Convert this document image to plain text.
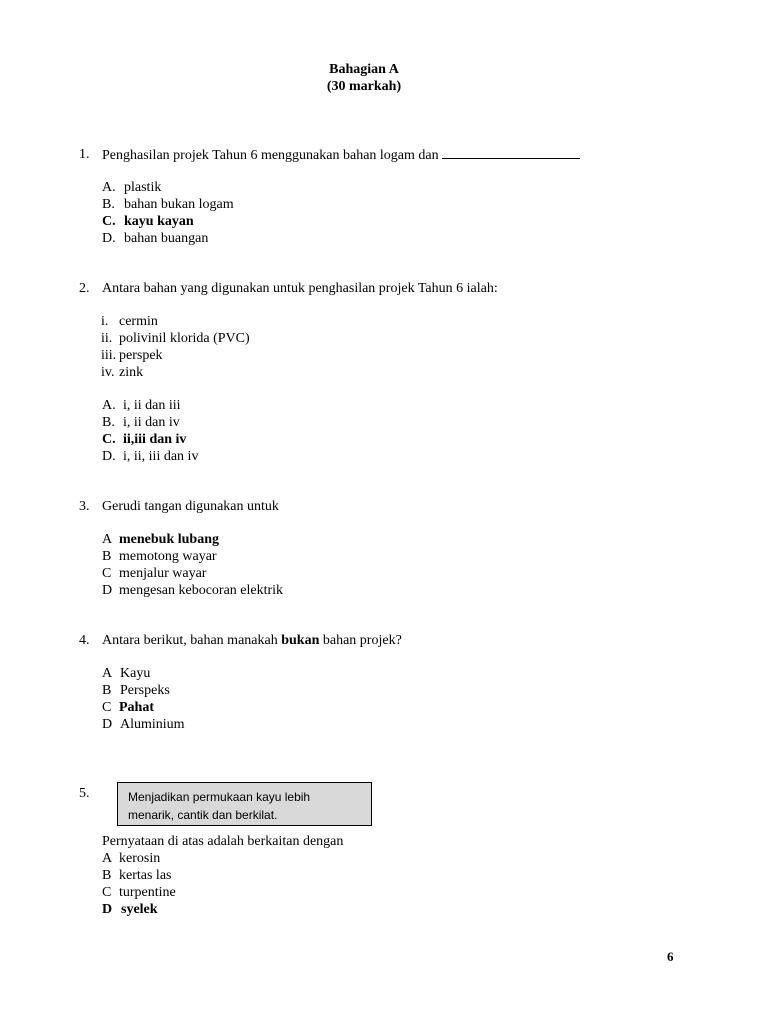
Bahagian A
(30 markah)
1. Penghasilan projek Tahun 6 menggunakan bahan logam dan
A. plastik
B. bahan bukan logam
C. kayu kayan
D. bahan buangan
2. Antara bahan yang digunakan untuk penghasilan projek Tahun 6 ialah:
i. cermin
ii. polivinil klorida (PVC)
iii. perspek
iv. zink
A. i, ii dan iii
B. i, ii dan iv
C. ii,iii dan iv
D. i, ii, iii dan iv
3. Gerudi tangan digunakan untuk
A menebuk lubang
B memotong wayar
C menjalur wayar
D mengesan kebocoran elektrik
4. Antara berikut, bahan manakah bukan bahan projek?
A Kayu
B Perspeks
C Pahat
D Aluminium
5.	Menjadikan permukaan kayu lebih
menarik, cantik dan berkilat.
Pernyataan di atas adalah berkaitan dengan
A kerosin
B kertas las
C turpentine
D syelek
6
